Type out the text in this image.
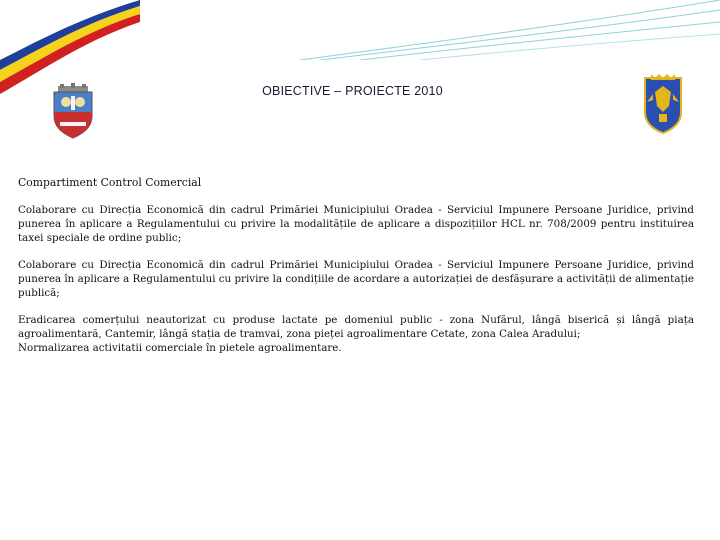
OBIECTIVE – PROIECTE 2010

Compartiment Control Comercial

Colaborare cu Direcția Economică din cadrul Primăriei Municipiului Oradea - Serviciul Impunere Persoane Juridice, privind punerea în aplicare a Regulamentului cu privire la modalitățile de aplicare a dispozițiilor HCL nr. 708/2009 pentru instituirea taxei speciale de ordine public;

Colaborare cu Direcția Economică din cadrul Primăriei Municipiului Oradea - Serviciul Impunere Persoane Juridice, privind punerea în aplicare a Regulamentului cu privire la condițiile de acordare a autorizației de desfășurare a activității de alimentație publică;

Eradicarea comerțului neautorizat cu produse lactate pe domeniul public - zona Nufărul, lângă biserică și lângă piața agroalimentară, Cantemir, lângă stația de tramvai, zona pieței agroalimentare Cetate, zona Calea Aradului;

Normalizarea activitatii comerciale în pietele agroalimentare.
